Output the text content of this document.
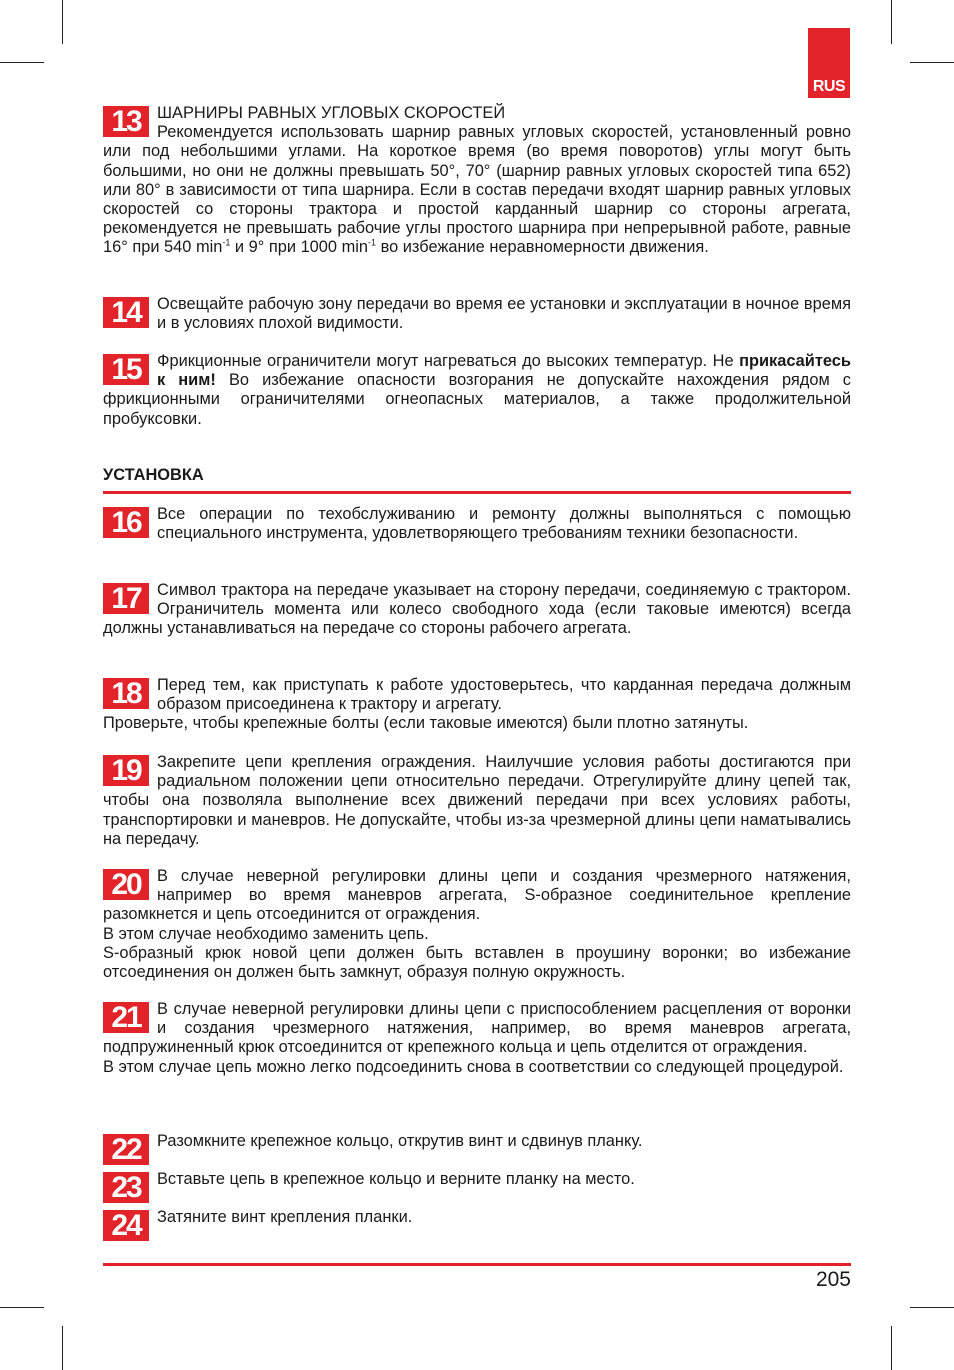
RUS
13 ШАРНИРЫ РАВНЫХ УГЛОВЫХ СКОРОСТЕЙ

Рекомендуется использовать шарнир равных угловых скоростей, установленный ровно или под небольшими углами. На короткое время (во время поворотов) углы могут быть большими, но они не должны превышать 50°, 70° (шарнир равных угловых скоростей типа 652) или 80° в зависимости от типа шарнира. Если в состав передачи входят шарнир равных угловых скоростей со стороны трактора и простой карданный шарнир со стороны агрегата, рекомендуется не превышать рабочие углы простого шарнира при непрерывной работе, равные 16° при 540 $\min^{-1} и$ 9° при 1000 $\min^{-1}$ во избежание неравномерности движения.

14 Освещайте рабочую зону передачи во время ее установки и эксплуатации в ночное время и в условиях плохой видимости.

15 Фрикционные ограничители могут нагреваться до высоких температур. Не прикасайтесь к ним! Во избежание опасности возгорания не допускайте нахождения рядом с фрикционными ограничителями огнеопасных материалов, а также продолжительной пробуксовки.

УСТАНОВКА
16 Все операции по техобслуживанию и ремонту должны выполняться с помощью специального инструмента, удовлетворяющего требованиям техники безопасности.

17 Символ трактора на передаче указывает на сторону передачи, соединяемую с трактором. Ограничитель момента или колесо свободного хода (если таковые имеются) всегда должны устанавливаться на передаче со стороны рабочего агрегата.

18 Перед тем, как приступать к работе удостоверьтесь, что карданная передача должным образом присоединена к трактору и агрегату.

Проверьте, чтобы крепежные болты (если таковые имеются) были плотно затянуты.

19 Закрепите цепи крепления ограждения. Наилучшие условия работы достигаются при радиальном положении цепи относительно передачи. Отрегулируйте длину цепей так, чтобы она позволяла выполнение всех движений передачи при всех условиях работы, транспортировки и маневров. Не допускайте, чтобы из-за чрезмерной длины цепи наматывались на передачу.

20 В случае неверной регулировки длины цепи и создания чрезмерного натяжения, например во время маневров агрегата, S-образное соединительное крепление разомкнется и цепь отсоединится от ограждения.

В этом случае необходимо заменить цепь.

S-образный крюк новой цепи должен быть вставлен в проушину воронки; во избежание отсоединения он должен быть замкнут, образуя полную окружность.

21 В случае неверной регулировки длины цепи с приспособлением расцепления от воронки и создания чрезмерного натяжения, например, во время маневров агрегата, подпружиненный крюк отсоединится от крепежного кольца и цепь отделится от ограждения.

В этом случае цепь можно легко подсоединить снова в соответствии со следующей процедурой.

22 Разомкните крепежное кольцо, открутив винт и сдвинув планку.

23 Вставьте цепь в крепежное кольцо и верните планку на место.

24 Затяните винт крепления планки.

205
